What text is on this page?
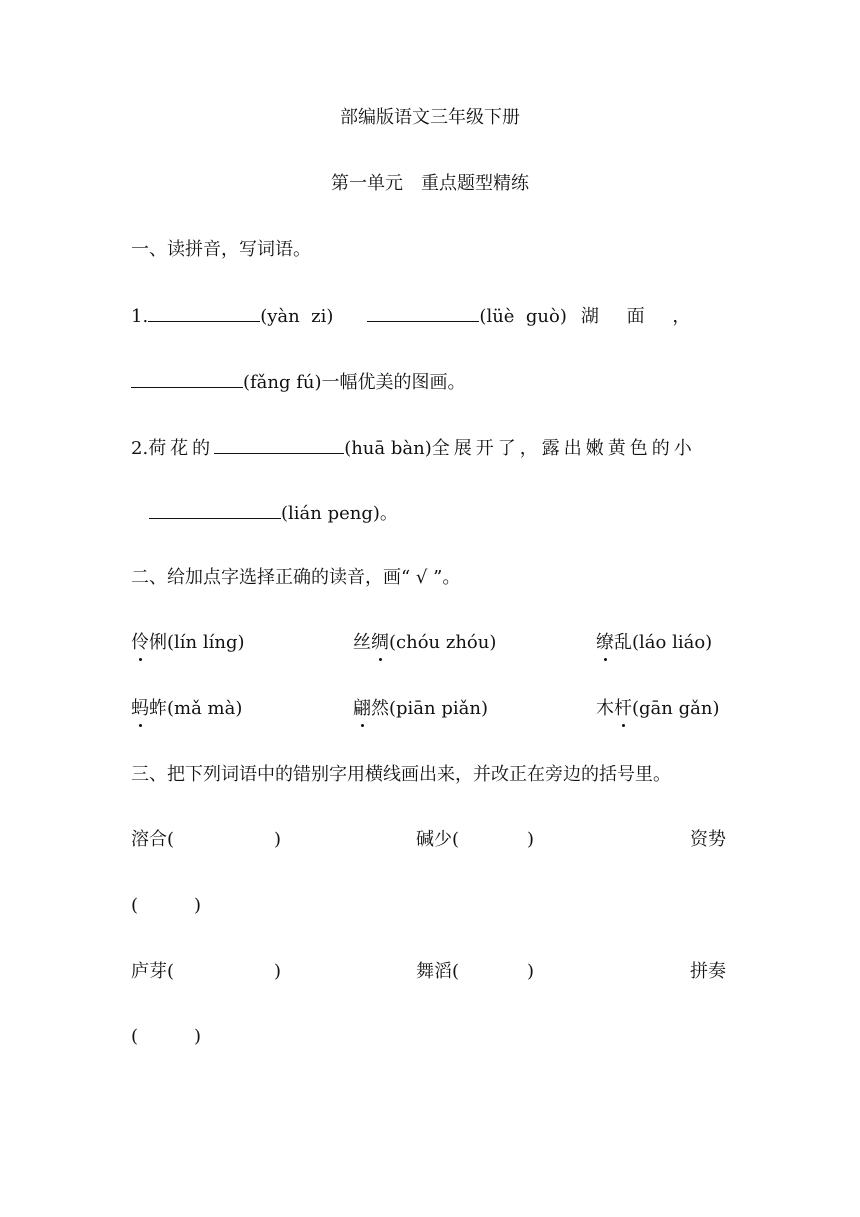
部编版语文三年级下册
第一单元　重点题型精练
一、读拼音，写词语。
1.	(yàn  zi)	(lüè  guò) 湖 面 ，
(fǎng fú)一幅优美的图画。
2.荷花的	(huā bàn)全展开了，露出嫩黄色的小
(lián peng)。
二、给加点字选择正确的读音，画“ √ ”。
伶俐(lín líng)	丝绸(chóu zhóu)	缭乱(láo liáo)
蚂蚱(mǎ mà)	翩然(piān piǎn)	木杆(gān gǎn)
三、把下列词语中的错别字用横线画出来，并改正在旁边的括号里。
溶合(	)	碱少(	)	资势
(	)
庐芽(	)	舞滔(	)	拼奏
(	)
